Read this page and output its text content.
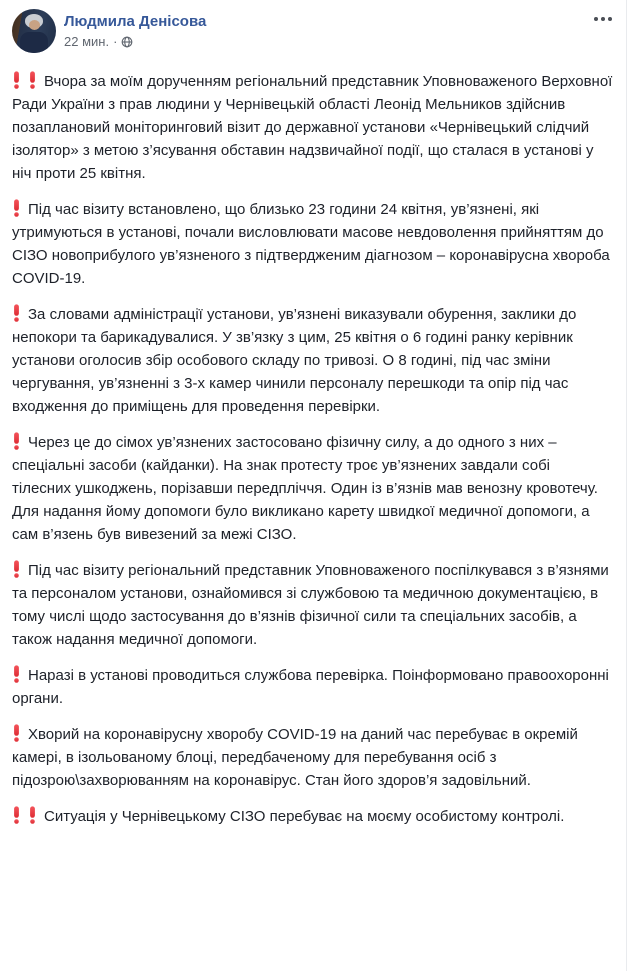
Людмила Денісова
22 мин. ·

Вчора за моїм дорученням регіональний представник Уповноваженого Верховної Ради України з прав людини у Чернівецькій області Леонід Мельников здійснив позаплановий моніторинговий візит до державної установи «Чернівецький слідчий ізолятор» з метою з’ясування обставин надзвичайної події, що сталася в установі у ніч проти 25 квітня.

Під час візиту встановлено, що близько 23 години 24 квітня, ув’язнені, які утримуються в установі, почали висловлювати масове невдоволення прийняттям до СІЗО новоприбулого ув’язненого з підтвердженим діагнозом – коронавірусна хвороба COVID-19.

За словами адміністрації установи, ув’язнені виказували обурення, заклики до непокори та барикадувалися. У зв’язку з цим, 25 квітня о 6 годині ранку керівник установи оголосив збір особового складу по тривозі. О 8 годині, під час зміни чергування, ув’язненні з 3-х камер чинили персоналу перешкоди та опір під час входження до приміщень для проведення перевірки.

Через це до сімох ув’язнених застосовано фізичну силу, а до одного з них – спеціальні засоби (кайданки). На знак протесту троє ув’язнених завдали собі тілесних ушкоджень, порізавши передпліччя. Один із в’язнів мав венозну кровотечу. Для надання йому допомоги було викликано карету швидкої медичної допомоги, а сам в’язень був вивезений за межі СІЗО.

Під час візиту регіональний представник Уповноваженого поспілкувався з в’язнями та персоналом установи, ознайомився зі службовою та медичною документацією, в тому числі щодо застосування до в’язнів фізичної сили та спеціальних засобів, а також надання медичної допомоги.

Наразі в установі проводиться службова перевірка. Поінформовано правоохоронні органи.

Хворий на коронавірусну хворобу COVID-19 на даний час перебуває в окремій камері, в ізольованому блоці, передбаченому для перебування осіб з підозрою\захворюванням на коронавірус. Стан його здоров’я задовільний.

Ситуація у Чернівецькому СІЗО перебуває на моєму особистому контролі.
